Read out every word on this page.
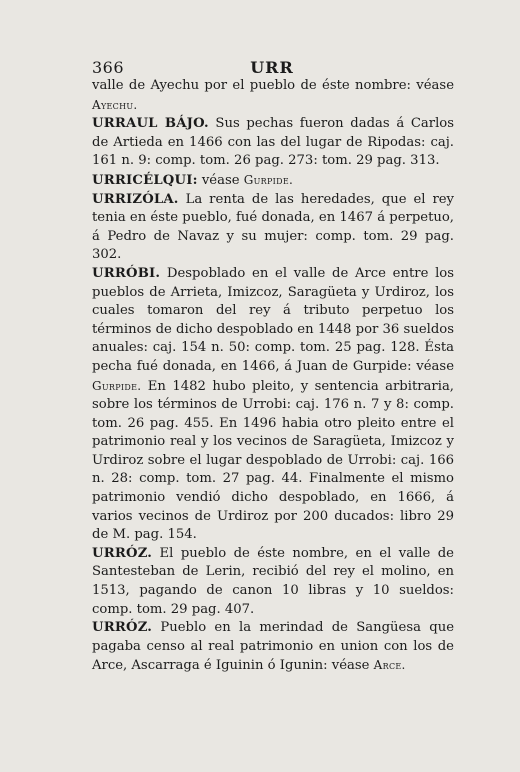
366	URR

valle de Ayechu por el pueblo de éste nombre: véase Ayechu.

URRAUL BÁJO. Sus pechas fueron dadas á Carlos de Artieda en 1466 con las del lugar de Ripodas: caj. 161 n. 9: comp. tom. 26 pag. 273: tom. 29 pag. 313.

URRICÉLQUI: véase Gurpide.

URRIZÓLA. La renta de las heredades, que el rey tenia en éste pueblo, fué donada, en 1467 á perpetuo, á Pedro de Navaz y su mujer: comp. tom. 29 pag. 302.

URRÓBI. Despoblado en el valle de Arce entre los pueblos de Arrieta, Imizcoz, Saragüeta y Urdiroz, los cuales tomaron del rey á tributo perpetuo los términos de dicho despoblado en 1448 por 36 sueldos anuales: caj. 154 n. 50: comp. tom. 25 pag. 128. Ésta pecha fué donada, en 1466, á Juan de Gurpide: véase Gurpide. En 1482 hubo pleito, y sentencia arbitraria, sobre los términos de Urrobi: caj. 176 n. 7 y 8: comp. tom. 26 pag. 455. En 1496 habia otro pleito entre el patrimonio real y los vecinos de Saragüeta, Imizcoz y Urdiroz sobre el lugar despoblado de Urrobi: caj. 166 n. 28: comp. tom. 27 pag. 44. Finalmente el mismo patrimonio vendió dicho despoblado, en 1666, á varios vecinos de Urdiroz por 200 ducados: libro 29 de M. pag. 154.

URRÓZ. El pueblo de éste nombre, en el valle de Santesteban de Lerin, recibió del rey el molino, en 1513, pagando de canon 10 libras y 10 sueldos: comp. tom. 29 pag. 407.

URRÓZ. Pueblo en la merindad de Sangüesa que pagaba censo al real patrimonio en union con los de Arce, Ascarraga é Iguinin ó Igunin: véase Arce.
